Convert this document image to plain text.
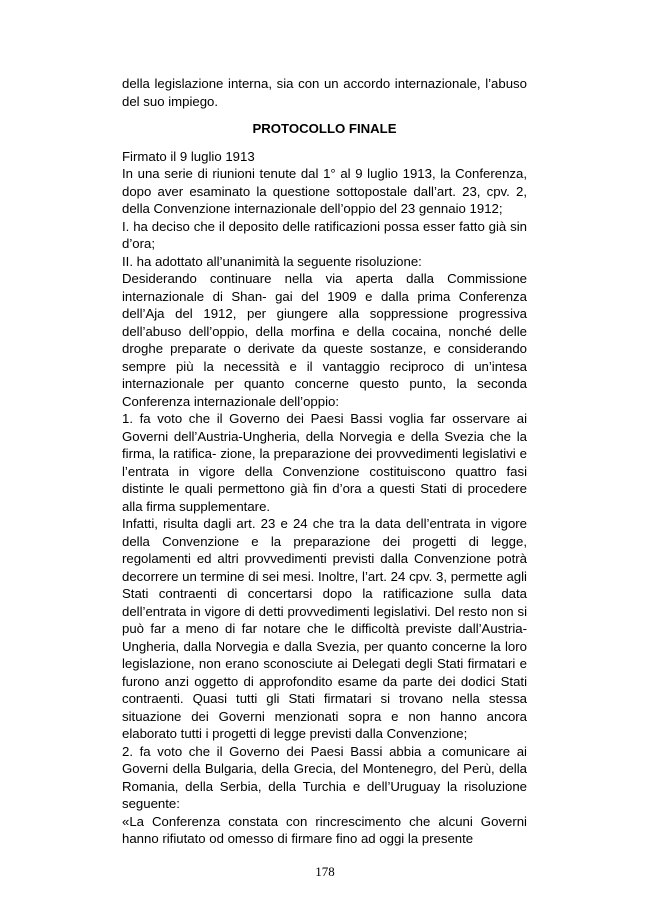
della legislazione interna, sia con un accordo internazionale, l’abuso del suo impiego.

PROTOCOLLO FINALE

Firmato il 9 luglio 1913

In una serie di riunioni tenute dal 1° al 9 luglio 1913, la Conferenza, dopo aver esaminato la questione sottopostale dall’art. 23, cpv. 2, della Convenzione internazionale dell’oppio del 23 gennaio 1912;

I. ha deciso che il deposito delle ratificazioni possa esser fatto già sin d’ora;

II. ha adottato all’unanimità la seguente risoluzione:

Desiderando continuare nella via aperta dalla Commissione internazionale di Shan- gai del 1909 e dalla prima Conferenza dell’Aja del 1912, per giungere alla soppressione progressiva dell’abuso dell’oppio, della morfina e della cocaina, nonché delle droghe preparate o derivate da queste sostanze, e considerando sempre più la necessità e il vantaggio reciproco di un’intesa internazionale per quanto concerne questo punto, la seconda Conferenza internazionale dell’oppio:

1. fa voto che il Governo dei Paesi Bassi voglia far osservare ai Governi dell’Austria-Ungheria, della Norvegia e della Svezia che la firma, la ratifica- zione, la preparazione dei provvedimenti legislativi e l’entrata in vigore della Convenzione costituiscono quattro fasi distinte le quali permettono già fin d’ora a questi Stati di procedere alla firma supplementare.

Infatti, risulta dagli art. 23 e 24 che tra la data dell’entrata in vigore della Convenzione e la preparazione dei progetti di legge, regolamenti ed altri provvedimenti previsti dalla Convenzione potrà decorrere un termine di sei mesi. Inoltre, l’art. 24 cpv. 3, permette agli Stati contraenti di concertarsi dopo la ratificazione sulla data dell’entrata in vigore di detti provvedimenti legislativi. Del resto non si può far a meno di far notare che le difficoltà previste dall’Austria-Ungheria, dalla Norvegia e dalla Svezia, per quanto concerne la loro legislazione, non erano sconosciute ai Delegati degli Stati firmatari e furono anzi oggetto di approfondito esame da parte dei dodici Stati contraenti. Quasi tutti gli Stati firmatari si trovano nella stessa situazione dei Governi menzionati sopra e non hanno ancora elaborato tutti i progetti di legge previsti dalla Convenzione;

2. fa voto che il Governo dei Paesi Bassi abbia a comunicare ai Governi della Bulgaria, della Grecia, del Montenegro, del Perù, della Romania, della Serbia, della Turchia e dell’Uruguay la risoluzione seguente:

«La Conferenza constata con rincrescimento che alcuni Governi hanno rifiutato od omesso di firmare fino ad oggi la presente

178
